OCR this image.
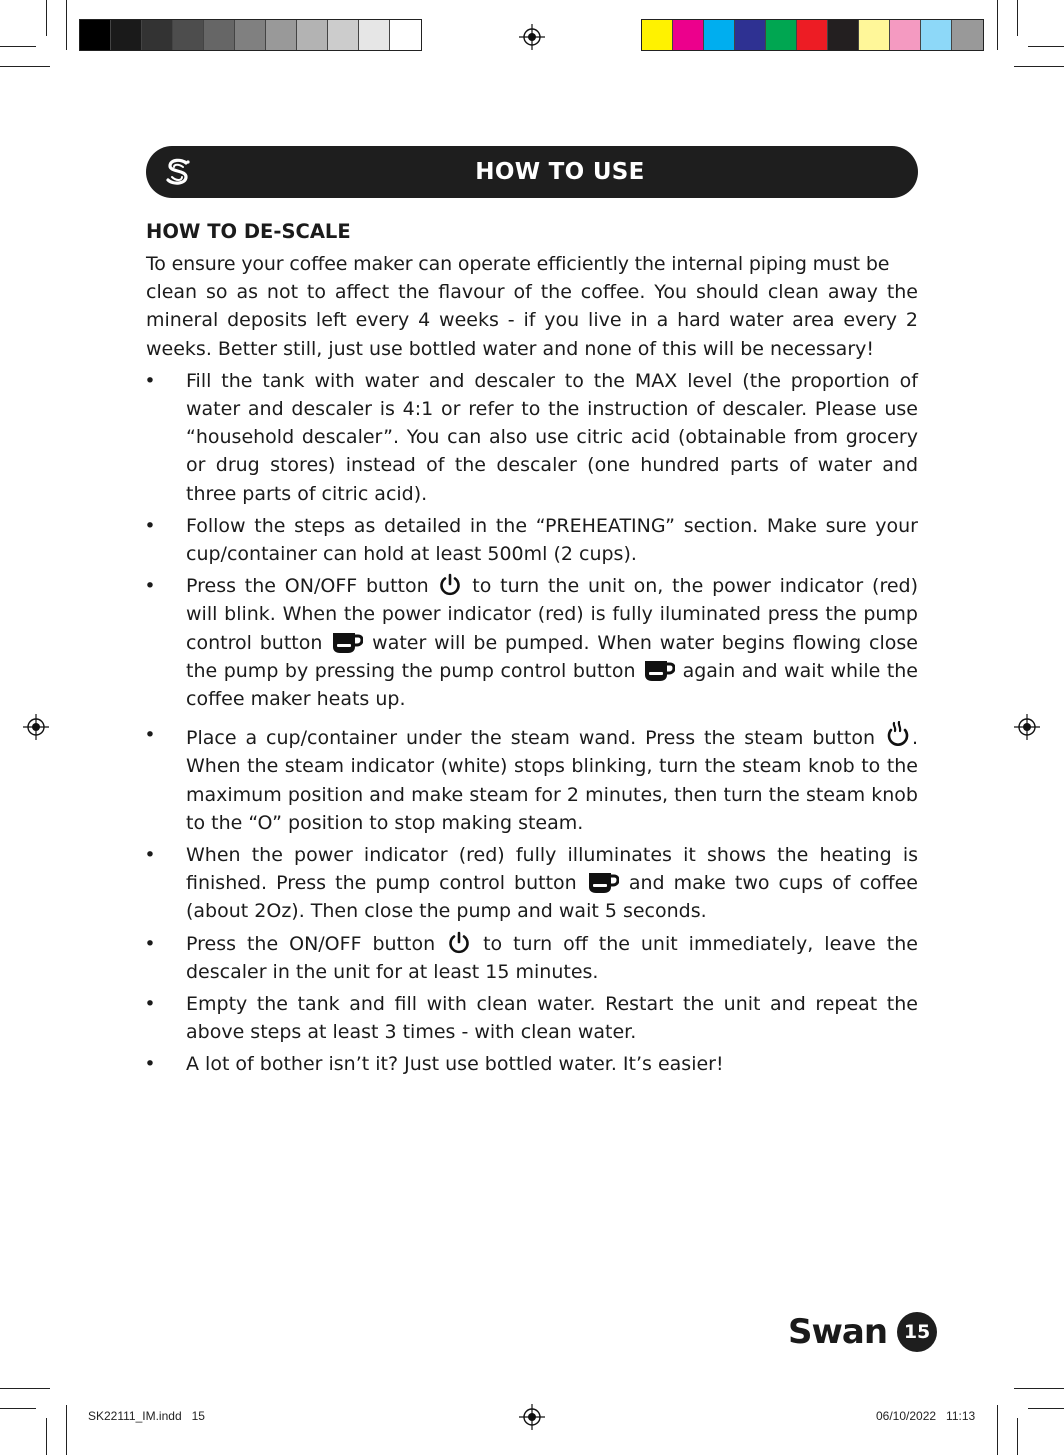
HOW TO USE
HOW TO DE-SCALE
To ensure your coffee maker can operate efficiently the internal piping must be
clean so as not to affect the flavour of the coffee. You should clean away the mineral deposits left every 4 weeks - if you live in a hard water area every 2 weeks. Better still, just use bottled water and none of this will be necessary!
• Fill the tank with water and descaler to the MAX level (the proportion of water and descaler is 4:1 or refer to the instruction of descaler. Please use “household descaler”. You can also use citric acid (obtainable from grocery or drug stores) instead of the descaler (one hundred parts of water and three parts of citric acid).
• Follow the steps as detailed in the “PREHEATING” section. Make sure your cup/container can hold at least 500ml (2 cups).
• Press the ON/OFF button to turn the unit on, the power indicator (red) will blink. When the power indicator (red) is fully iluminated press the pump control button	water will be pumped. When water begins flowing close the pump by pressing the pump control button again and wait while the coffee maker heats up.
• Place a cup/container under the steam wand. Press the steam button . When the steam indicator (white) stops blinking, turn the steam knob to the maximum position and make steam for 2 minutes, then turn the steam knob to the “O” position to stop making steam.
• When the power indicator (red) fully illuminates it shows the heating is finished. Press the pump control button	and make two cups of coffee (about 2Oz). Then close the pump and wait 5 seconds.
• Press the ON/OFF button	to turn off the unit immediately, leave the descaler in the unit for at least 15 minutes.
• Empty the tank and fill with clean water. Restart the unit and repeat the above steps at least 3 times - with clean water.
• A lot of bother isn’t it? Just use bottled water. It’s easier!
Swan 15
SK22111_IM.indd   15	06/10/2022   11:13
